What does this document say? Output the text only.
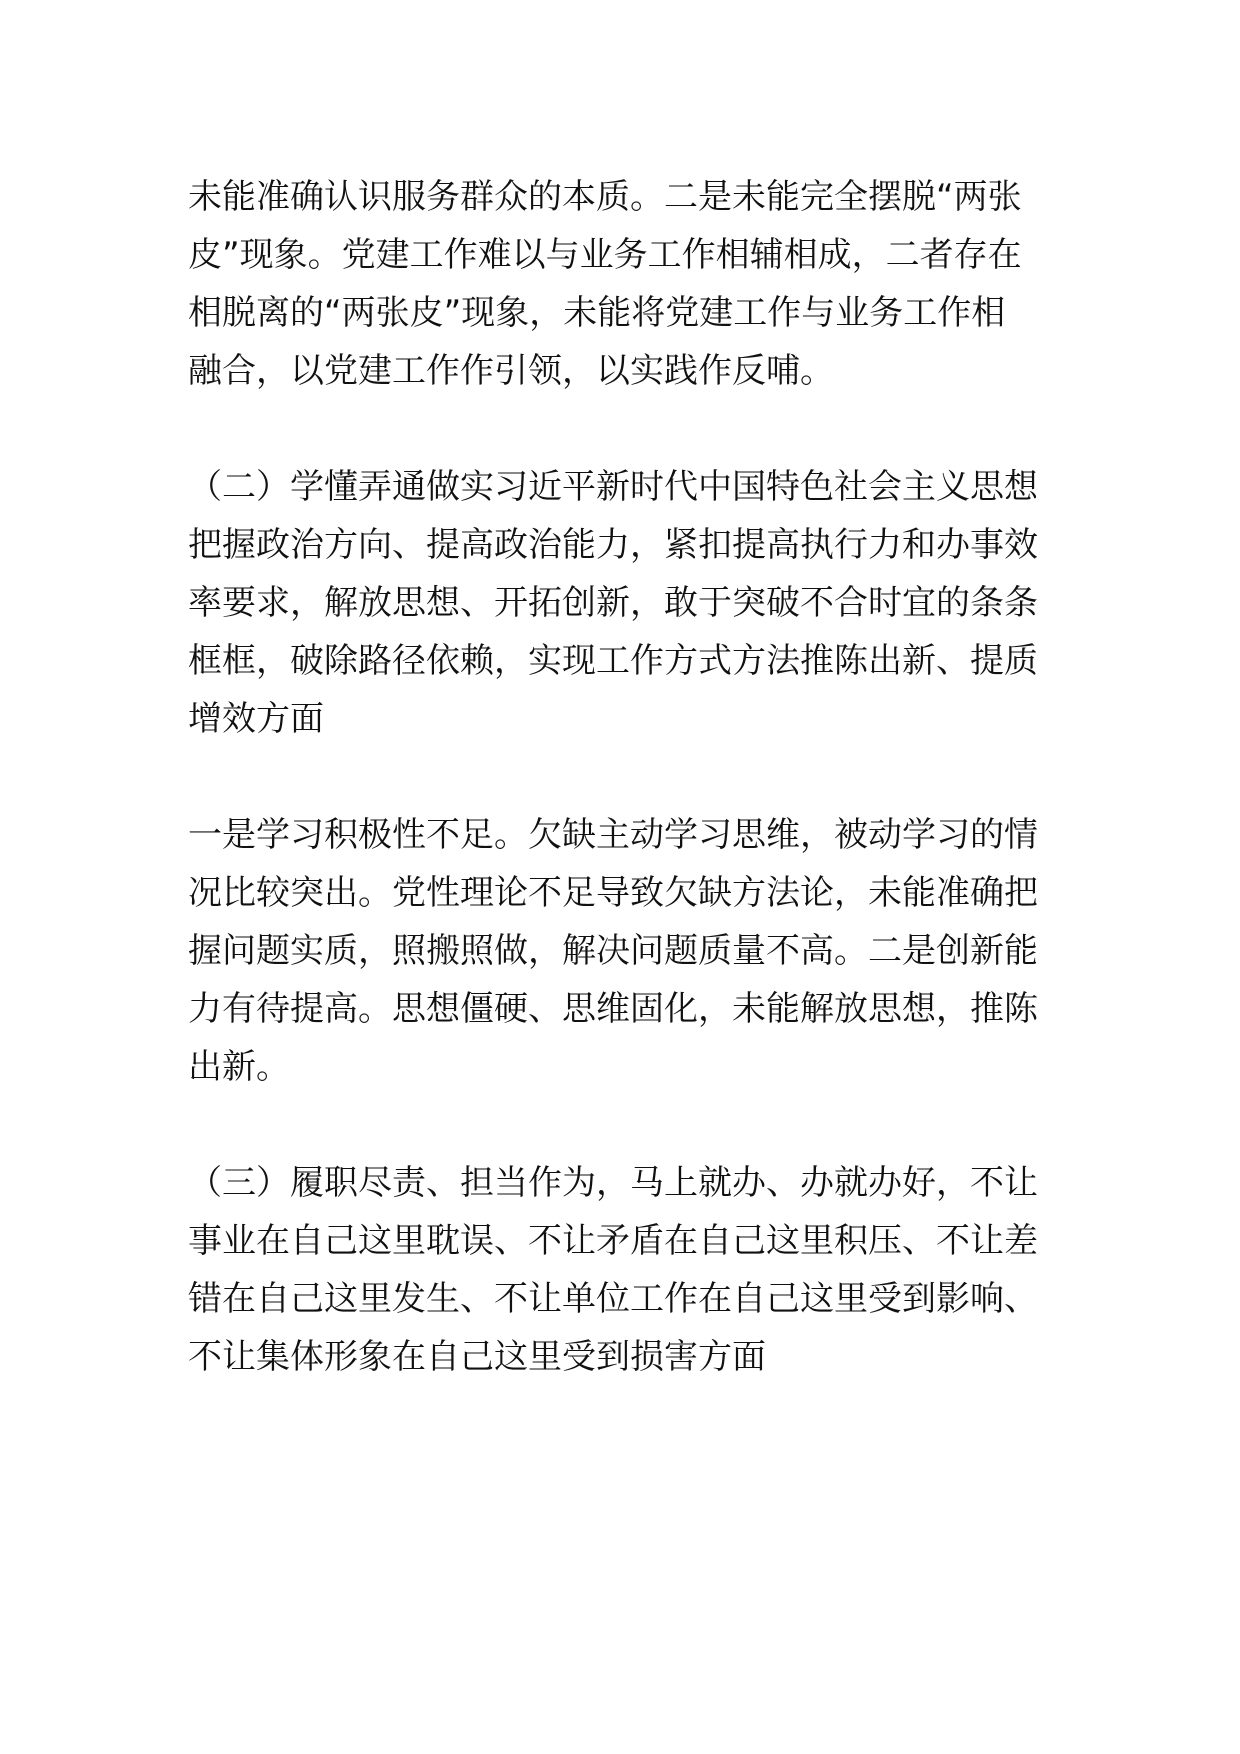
未能准确认识服务群众的本质。二是未能完全摆脱“两张
皮”现象。党建工作难以与业务工作相辅相成，二者存在
相脱离的“两张皮”现象，未能将党建工作与业务工作相
融合，以党建工作作引领，以实践作反哺。
（二）学懂弄通做实习近平新时代中国特色社会主义思想
把握政治方向、提高政治能力，紧扣提高执行力和办事效
率要求，解放思想、开拓创新，敢于突破不合时宜的条条
框框，破除路径依赖，实现工作方式方法推陈出新、提质
增效方面
一是学习积极性不足。欠缺主动学习思维，被动学习的情
况比较突出。党性理论不足导致欠缺方法论，未能准确把
握问题实质，照搬照做，解决问题质量不高。二是创新能
力有待提高。思想僵硬、思维固化，未能解放思想，推陈
出新。
（三）履职尽责、担当作为，马上就办、办就办好，不让
事业在自己这里耽误、不让矛盾在自己这里积压、不让差
错在自己这里发生、不让单位工作在自己这里受到影响、
不让集体形象在自己这里受到损害方面
